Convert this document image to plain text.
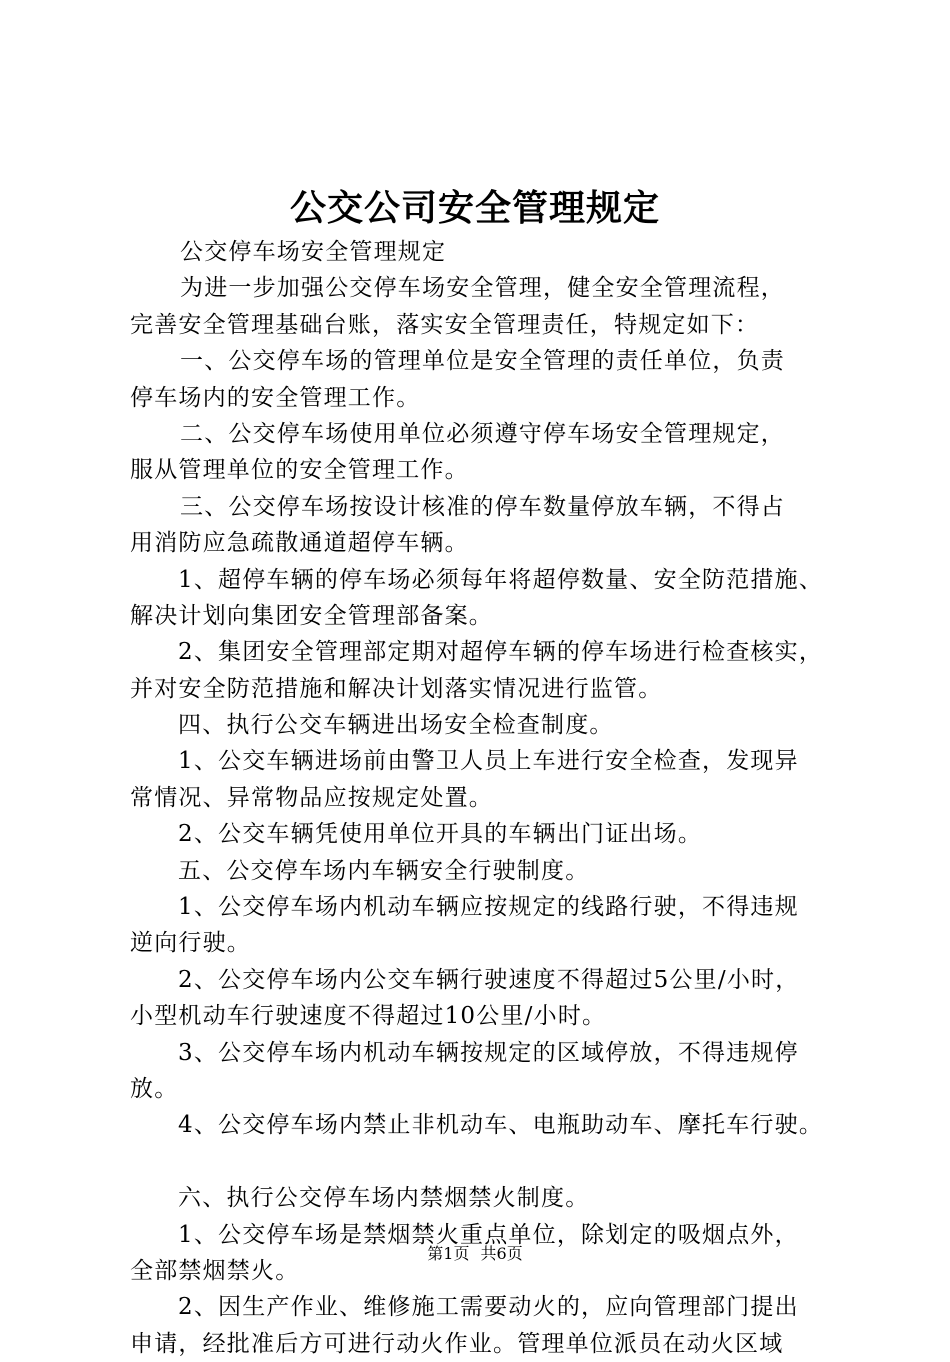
公交公司安全管理规定
公交停车场安全管理规定
为进一步加强公交停车场安全管理，健全安全管理流程，
完善安全管理基础台账，落实安全管理责任，特规定如下：
一、公交停车场的管理单位是安全管理的责任单位，负责
停车场内的安全管理工作。
二、公交停车场使用单位必须遵守停车场安全管理规定，
服从管理单位的安全管理工作。
三、公交停车场按设计核准的停车数量停放车辆，不得占
用消防应急疏散通道超停车辆。
1、超停车辆的停车场必须每年将超停数量、安全防范措施、
解决计划向集团安全管理部备案。
2、集团安全管理部定期对超停车辆的停车场进行检查核实，
并对安全防范措施和解决计划落实情况进行监管。
四、执行公交车辆进出场安全检查制度。
1、公交车辆进场前由警卫人员上车进行安全检查，发现异
常情况、异常物品应按规定处置。
2、公交车辆凭使用单位开具的车辆出门证出场。
五、公交停车场内车辆安全行驶制度。
1、公交停车场内机动车辆应按规定的线路行驶，不得违规
逆向行驶。
2、公交停车场内公交车辆行驶速度不得超过5公里/小时，
小型机动车行驶速度不得超过10公里/小时。
3、公交停车场内机动车辆按规定的区域停放，不得违规停
放。
4、公交停车场内禁止非机动车、电瓶助动车、摩托车行驶。
六、执行公交停车场内禁烟禁火制度。
1、公交停车场是禁烟禁火重点单位，除划定的吸烟点外，
全部禁烟禁火。
2、因生产作业、维修施工需要动火的，应向管理部门提出
申请，经批准后方可进行动火作业。管理单位派员在动火区域
第1页 共6页
